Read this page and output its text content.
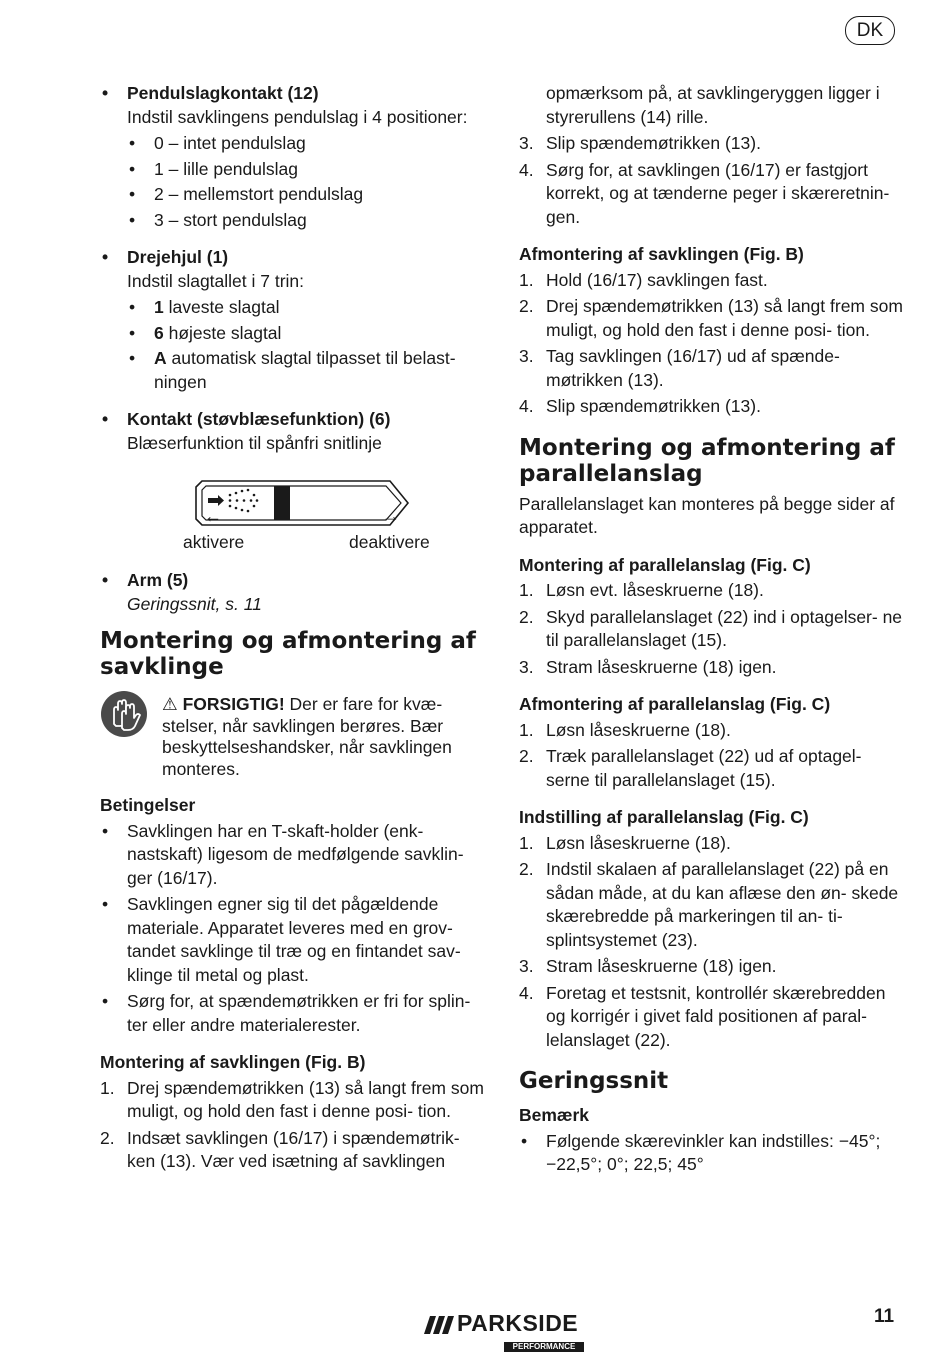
DK
• Pendulslagkontakt (12)
Indstil savklingens pendulslag i 4 positioner:
• 0 – intet pendulslag
• 1 – lille pendulslag
• 2 – mellemstort pendulslag
• 3 – stort pendulslag
• Drejehjul (1)
Indstil slagtallet i 7 trin:
• 1 laveste slagtal
• 6 højeste slagtal
• A automatisk slagtal tilpasset til belast- ningen
• Kontakt (støvblæsefunktion) (6)
Blæserfunktion til spånfri snitlinje
←	→
aktivere	deaktivere
• Arm (5)
Geringssnit, s. 11
Montering og afmontering af savklinge
⚠ FORSIGTIG! Der er fare for kvæ- stelser, når savklingen berøres. Bær beskyttelseshandsker, når savklingen monteres.
Betingelser
• Savklingen har en T-skaft-holder (enk- nastskaft) ligesom de medfølgende savklin- ger (16/17).
• Savklingen egner sig til det pågældende materiale. Apparatet leveres med en grov- tandet savklinge til træ og en fintandet sav- klinge til metal og plast.
• Sørg for, at spændemøtrikken er fri for splin- ter eller andre materialerester.
Montering af savklingen (Fig. B)
1. Drej spændemøtrikken (13) så langt frem som muligt, og hold den fast i denne posi- tion.
2. Indsæt savklingen (16/17) i spændemøtrik- ken (13). Vær ved isætning af savklingen
opmærksom på, at savklingeryggen ligger i styrerullens (14) rille.
3. Slip spændemøtrikken (13).
4. Sørg for, at savklingen (16/17) er fastgjort korrekt, og at tænderne peger i skæreretnin- gen.
Afmontering af savklingen (Fig. B)
1. Hold (16/17) savklingen fast.
2. Drej spændemøtrikken (13) så langt frem som muligt, og hold den fast i denne posi- tion.
3. Tag savklingen (16/17) ud af spænde- møtrikken (13).
4. Slip spændemøtrikken (13).
Montering og afmontering af parallelanslag
Parallelanslaget kan monteres på begge sider af apparatet.
Montering af parallelanslag (Fig. C)
1. Løsn evt. låseskruerne (18).
2. Skyd parallelanslaget (22) ind i optagelser- ne til parallelanslaget (15).
3. Stram låseskruerne (18) igen.
Afmontering af parallelanslag (Fig. C)
1. Løsn låseskruerne (18).
2. Træk parallelanslaget (22) ud af optagel- serne til parallelanslaget (15).
Indstilling af parallelanslag (Fig. C)
1. Løsn låseskruerne (18).
2. Indstil skalaen af parallelanslaget (22) på en sådan måde, at du kan aflæse den øn- skede skærebredde på markeringen til an- ti-splintsystemet (23).
3. Stram låseskruerne (18) igen.
4. Foretag et testsnit, kontrollér skærebredden og korrigér i givet fald positionen af paral- lelanslaget (22).
Geringssnit
Bemærk
• Følgende skærevinkler kan indstilles: −45°; −22,5°; 0°; 22,5; 45°
PARKSIDE
PERFORMANCE
11
